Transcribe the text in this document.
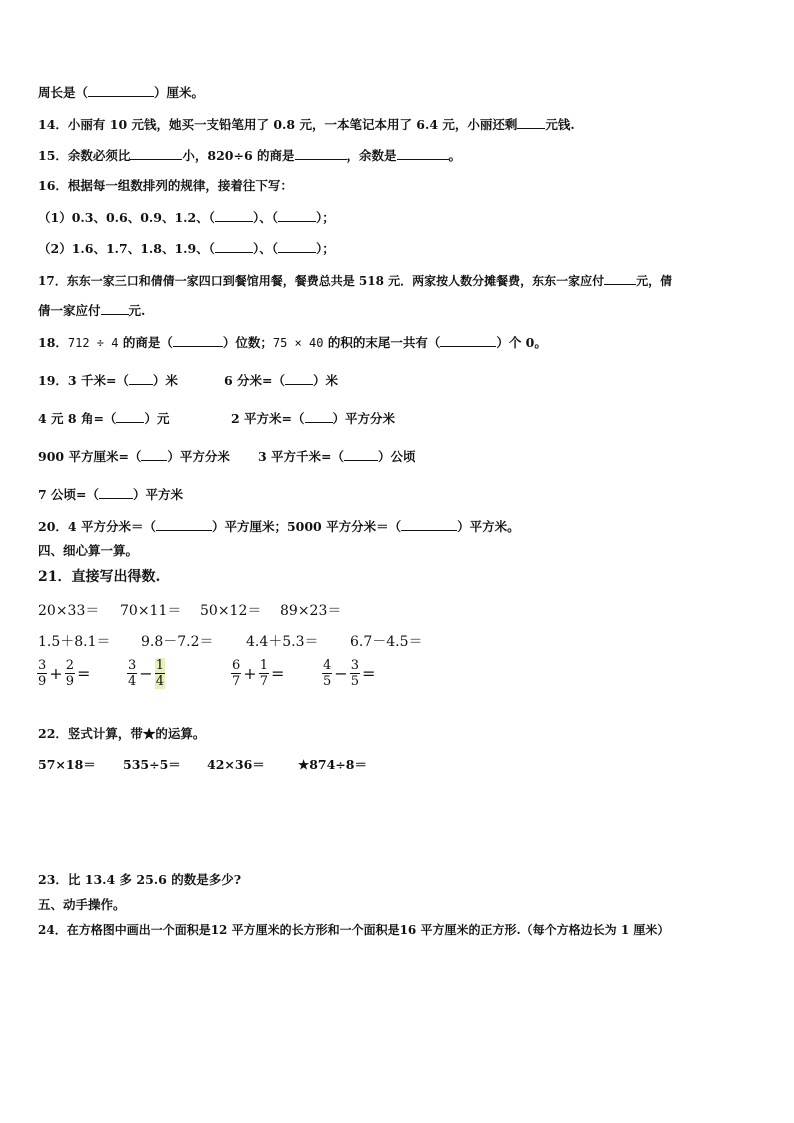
周长是（	）厘米。
14．小丽有 10 元钱，她买一支铅笔用了 0.8 元，一本笔记本用了 6.4 元，小丽还剩 元钱.
15．余数必须比	小，820÷6 的商是	，余数是	。
16．根据每一组数排列的规律，接着往下写：
（1）0.3、0.6、0.9、1.2、（	）、（	）；
（2）1.6、1.7、1.8、1.9、（	）、（	）；
17．东东一家三口和倩倩一家四口到餐馆用餐，餐费总共是 518 元．两家按人数分摊餐费，东东一家应付	元，倩
倩一家应付 元.
18．712 ÷ 4 的商是（	）位数；75 × 40 的积的末尾一共有（	）个 0。
19．3 千米=（ ）米	6 分米=（ ）米
4 元 8 角=（ ）元	2 平方米=（ ）平方分米
900 平方厘米=（ ）平方分米 3 平方千米=（	）公顷
7 公顷=（	）平方米
20．4 平方分米＝（	）平方厘米；5000 平方分米＝（	）平方米。
四、细心算一算。
21．直接写出得数.
20×33＝ 70×11＝ 50×12＝ 89×23＝
1.5＋8.1＝ 9.8－7.2＝ 4.4＋5.3＝ 6.7－4.5＝
$\frac{3}{9} + \frac{2}{9}$ =	$\frac{3}{4} - \frac{1}{4}$	$\frac{6}{7} + \frac{1}{7}$ =	$\frac{4}{5} - \frac{3}{5}$ =
22．竖式计算，带★的运算。
57×18＝ 535÷5＝ 42×36＝	★874÷8＝
23．比 13.4 多 25.6 的数是多少?
五、动手操作。
24．在方格图中画出一个面积是12 平方厘米的长方形和一个面积是16 平方厘米的正方形.（每个方格边长为 1 厘米）
